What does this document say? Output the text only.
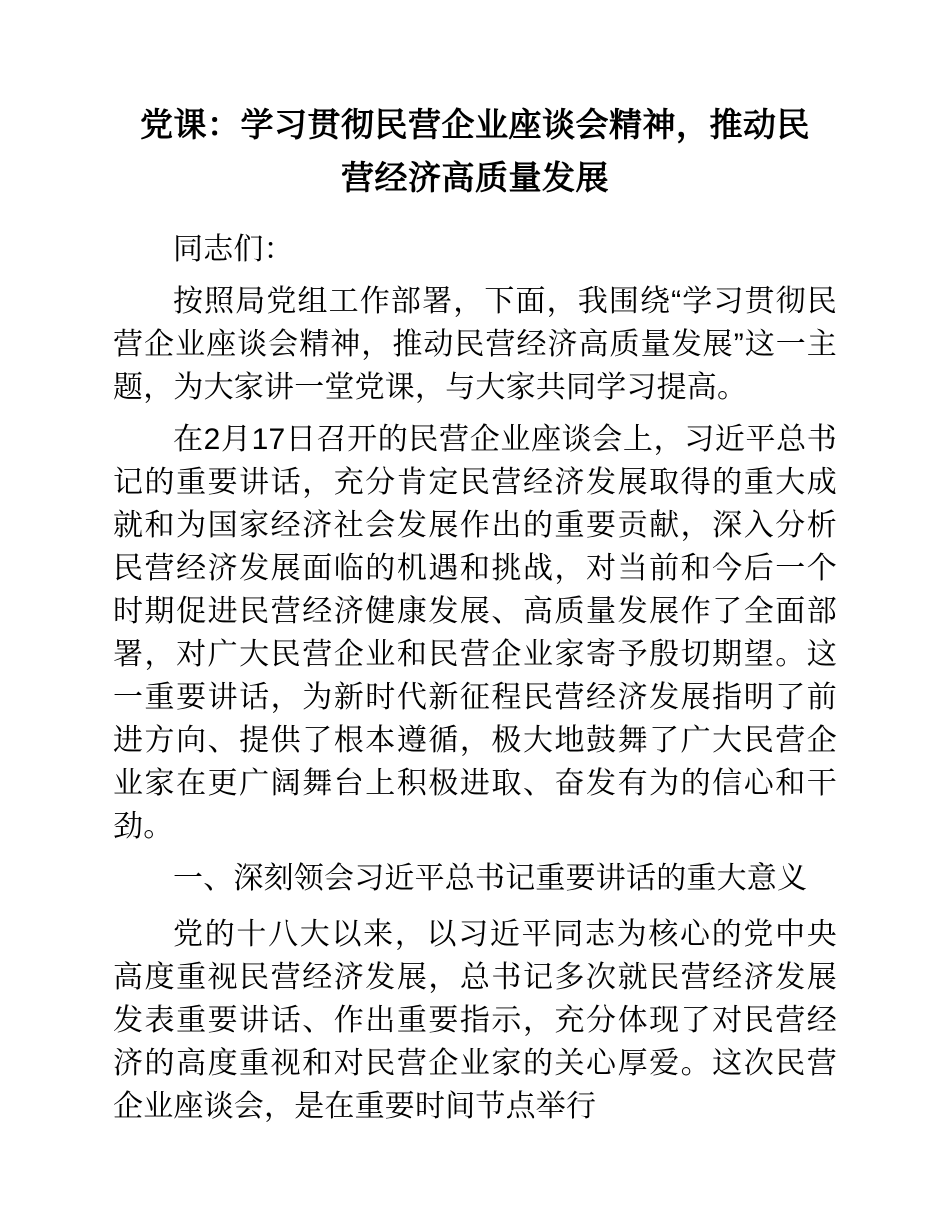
党课：学习贯彻民营企业座谈会精神，推动民营经济高质量发展

同志们：

按照局党组工作部署，下面，我围绕“学习贯彻民营企业座谈会精神，推动民营经济高质量发展”这一主题，为大家讲一堂党课，与大家共同学习提高。

在2月17日召开的民营企业座谈会上，习近平总书记的重要讲话，充分肯定民营经济发展取得的重大成就和为国家经济社会发展作出的重要贡献，深入分析民营经济发展面临的机遇和挑战，对当前和今后一个时期促进民营经济健康发展、高质量发展作了全面部署，对广大民营企业和民营企业家寄予殷切期望。这一重要讲话，为新时代新征程民营经济发展指明了前进方向、提供了根本遵循，极大地鼓舞了广大民营企业家在更广阔舞台上积极进取、奋发有为的信心和干劲。

一、深刻领会习近平总书记重要讲话的重大意义

党的十八大以来，以习近平同志为核心的党中央高度重视民营经济发展，总书记多次就民营经济发展发表重要讲话、作出重要指示，充分体现了对民营经济的高度重视和对民营企业家的关心厚爱。这次民营企业座谈会，是在重要时间节点举行
